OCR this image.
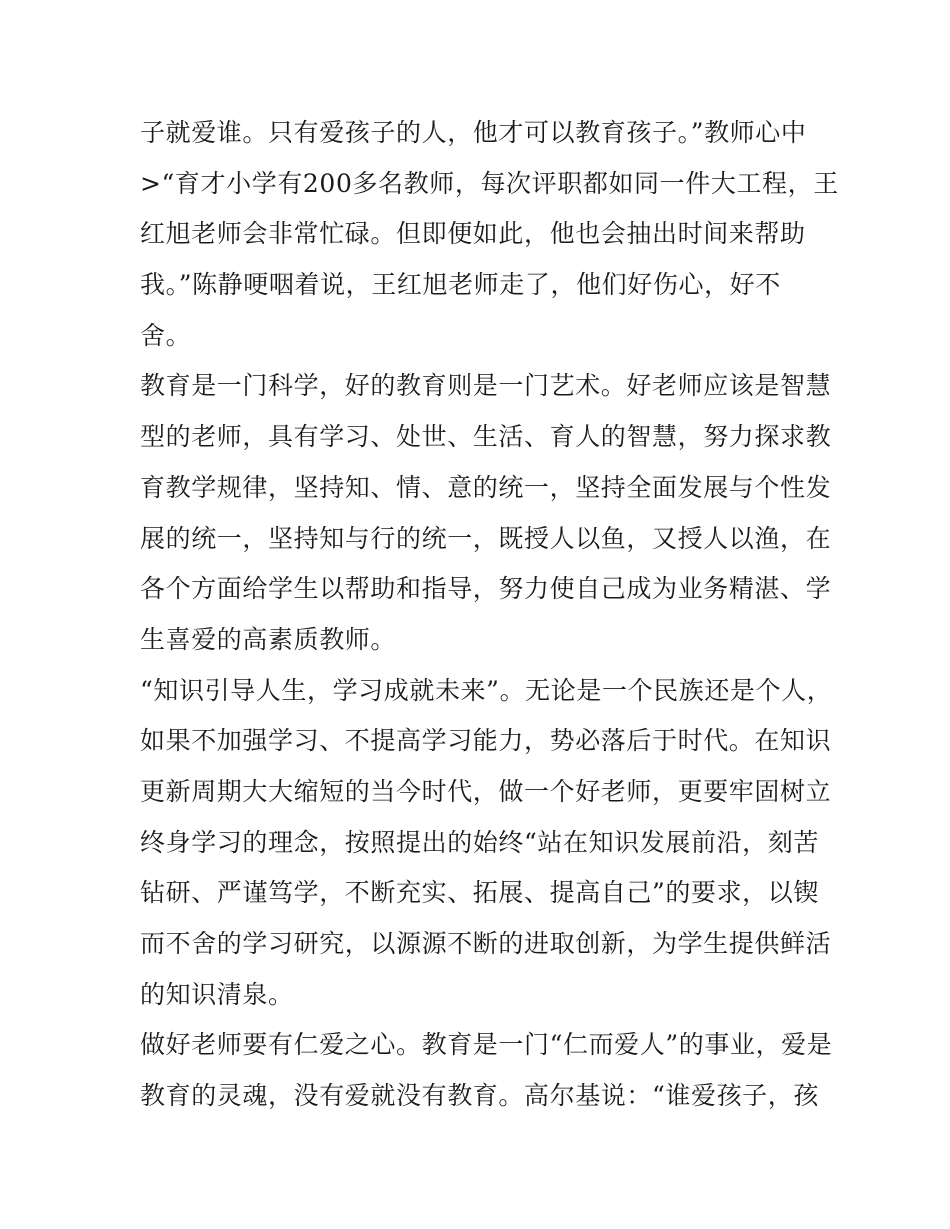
子就爱谁。只有爱孩子的人，他才可以教育孩子。”教师心中
>“育才小学有200多名教师，每次评职都如同一件大工程，王
红旭老师会非常忙碌。但即便如此，他也会抽出时间来帮助
我。”陈静哽咽着说，王红旭老师走了，他们好伤心，好不
舍。
教育是一门科学，好的教育则是一门艺术。好老师应该是智慧
型的老师，具有学习、处世、生活、育人的智慧，努力探求教
育教学规律，坚持知、情、意的统一，坚持全面发展与个性发
展的统一，坚持知与行的统一，既授人以鱼，又授人以渔，在
各个方面给学生以帮助和指导，努力使自己成为业务精湛、学
生喜爱的高素质教师。
“知识引导人生，学习成就未来”。无论是一个民族还是个人，
如果不加强学习、不提高学习能力，势必落后于时代。在知识
更新周期大大缩短的当今时代，做一个好老师，更要牢固树立
终身学习的理念，按照提出的始终“站在知识发展前沿，刻苦
钻研、严谨笃学，不断充实、拓展、提高自己”的要求，以锲
而不舍的学习研究，以源源不断的进取创新，为学生提供鲜活
的知识清泉。
做好老师要有仁爱之心。教育是一门“仁而爱人”的事业，爱是
教育的灵魂，没有爱就没有教育。高尔基说：“谁爱孩子，孩
